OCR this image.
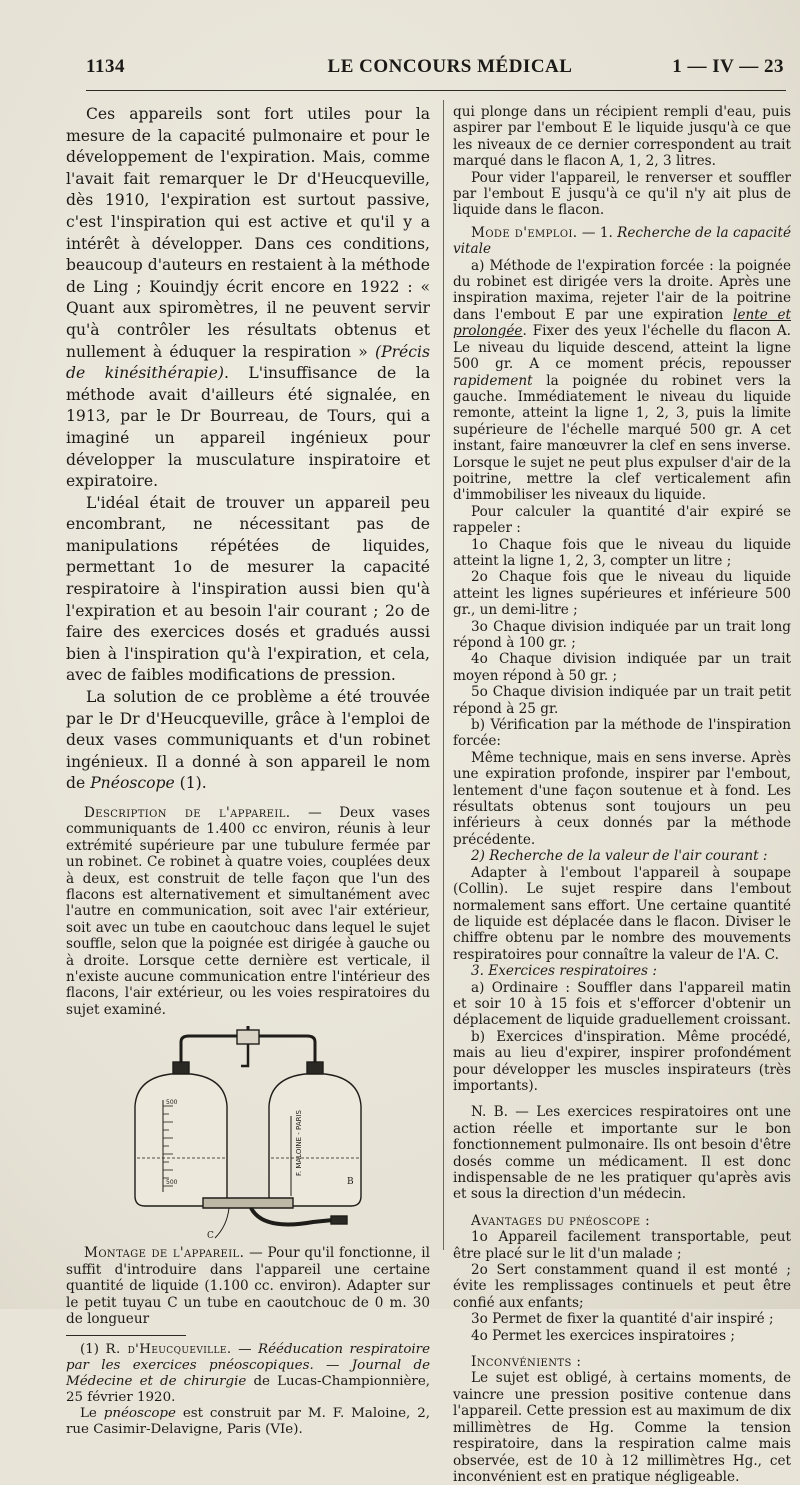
1134	LE CONCOURS MÉDICAL	1 — IV — 23

Ces appareils sont fort utiles pour la mesure de la capacité pulmonaire et pour le développement de l'expiration. Mais, comme l'avait fait remarquer le Dr d'Heucqueville, dès 1910, l'expiration est surtout passive, c'est l'inspiration qui est active et qu'il y a intérêt à développer. Dans ces conditions, beaucoup d'auteurs en restaient à la méthode de Ling ; Kouindjy écrit encore en 1922 : « Quant aux spiromètres, il ne peuvent servir qu'à contrôler les résultats obtenus et nullement à éduquer la respiration » (Précis de kinésithérapie). L'insuffisance de la méthode avait d'ailleurs été signalée, en 1913, par le Dr Bourreau, de Tours, qui a imaginé un appareil ingénieux pour développer la musculature inspiratoire et expiratoire.

L'idéal était de trouver un appareil peu encombrant, ne nécessitant pas de manipulations répétées de liquides, permettant 1o de mesurer la capacité respiratoire à l'inspiration aussi bien qu'à l'expiration et au besoin l'air courant ; 2o de faire des exercices dosés et gradués aussi bien à l'inspiration qu'à l'expiration, et cela, avec de faibles modifications de pression.

La solution de ce problème a été trouvée par le Dr d'Heucqueville, grâce à l'emploi de deux vases communiquants et d'un robinet ingénieux. Il a donné à son appareil le nom de Pnéoscope (1).

Description de l'appareil. — Deux vases communiquants de 1.400 cc environ, réunis à leur extrémité supérieure par une tubulure fermée par un robinet. Ce robinet à quatre voies, couplées deux à deux, est construit de telle façon que l'un des flacons est alternativement et simultanément avec l'autre en communication, soit avec l'air extérieur, soit avec un tube en caoutchouc dans lequel le sujet souffle, selon que la poignée est dirigée à gauche ou à droite. Lorsque cette dernière est verticale, il n'existe aucune communication entre l'intérieur des flacons, l'air extérieur, ou les voies respiratoires du sujet examiné.

500
500
F. MALOINE - PARIS
B
C

Montage de l'appareil. — Pour qu'il fonctionne, il suffit d'introduire dans l'appareil une certaine quantité de liquide (1.100 cc. environ). Adapter sur le petit tuyau C un tube en caoutchouc de 0 m. 30 de longueur

(1) R. d'Heucqueville. — Rééducation respiratoire par les exercices pnéoscopiques. — Journal de Médecine et de chirurgie de Lucas-Championnière, 25 février 1920.

Le pnéoscope est construit par M. F. Maloine, 2, rue Casimir-Delavigne, Paris (VIe).

qui plonge dans un récipient rempli d'eau, puis aspirer par l'embout E le liquide jusqu'à ce que les niveaux de ce dernier correspondent au trait marqué dans le flacon A, 1, 2, 3 litres.

Pour vider l'appareil, le renverser et souffler par l'embout E jusqu'à ce qu'il n'y ait plus de liquide dans le flacon.

Mode d'emploi. — 1. Recherche de la capacité vitale

a) Méthode de l'expiration forcée : la poignée du robinet est dirigée vers la droite. Après une inspiration maxima, rejeter l'air de la poitrine dans l'embout E par une expiration lente et prolongée. Fixer des yeux l'échelle du flacon A. Le niveau du liquide descend, atteint la ligne 500 gr. A ce moment précis, repousser rapidement la poignée du robinet vers la gauche. Immédiatement le niveau du liquide remonte, atteint la ligne 1, 2, 3, puis la limite supérieure de l'échelle marqué 500 gr. A cet instant, faire manœuvrer la clef en sens inverse. Lorsque le sujet ne peut plus expulser d'air de la poitrine, mettre la clef verticalement afin d'immobiliser les niveaux du liquide.

Pour calculer la quantité d'air expiré se rappeler :

1o Chaque fois que le niveau du liquide atteint la ligne 1, 2, 3, compter un litre ;

2o Chaque fois que le niveau du liquide atteint les lignes supérieures et inférieure 500 gr., un demi-litre ;

3o Chaque division indiquée par un trait long répond à 100 gr. ;

4o Chaque division indiquée par un trait moyen répond à 50 gr. ;

5o Chaque division indiquée par un trait petit répond à 25 gr.

b) Vérification par la méthode de l'inspiration forcée:

Même technique, mais en sens inverse. Après une expiration profonde, inspirer par l'embout, lentement d'une façon soutenue et à fond. Les résultats obtenus sont toujours un peu inférieurs à ceux donnés par la méthode précédente.

2) Recherche de la valeur de l'air courant :

Adapter à l'embout l'appareil à soupape (Collin). Le sujet respire dans l'embout normalement sans effort. Une certaine quantité de liquide est déplacée dans le flacon. Diviser le chiffre obtenu par le nombre des mouvements respiratoires pour connaître la valeur de l'A. C.

3. Exercices respiratoires :

a) Ordinaire : Souffler dans l'appareil matin et soir 10 à 15 fois et s'efforcer d'obtenir un déplacement de liquide graduellement croissant.

b) Exercices d'inspiration. Même procédé, mais au lieu d'expirer, inspirer profondément pour développer les muscles inspirateurs (très importants).

N. B. — Les exercices respiratoires ont une action réelle et importante sur le bon fonctionnement pulmonaire. Ils ont besoin d'être dosés comme un médicament. Il est donc indispensable de ne les pratiquer qu'après avis et sous la direction d'un médecin.

Avantages du pnéoscope :

1o Appareil facilement transportable, peut être placé sur le lit d'un malade ;

2o Sert constamment quand il est monté ; évite les remplissages continuels et peut être confié aux enfants;

3o Permet de fixer la quantité d'air inspiré ;

4o Permet les exercices inspiratoires ;

Inconvénients :

Le sujet est obligé, à certains moments, de vaincre une pression positive contenue dans l'appareil. Cette pression est au maximum de dix millimètres de Hg. Comme la tension respiratoire, dans la respiration calme mais observée, est de 10 à 12 millimètres Hg., cet inconvénient est en pratique négligeable.
